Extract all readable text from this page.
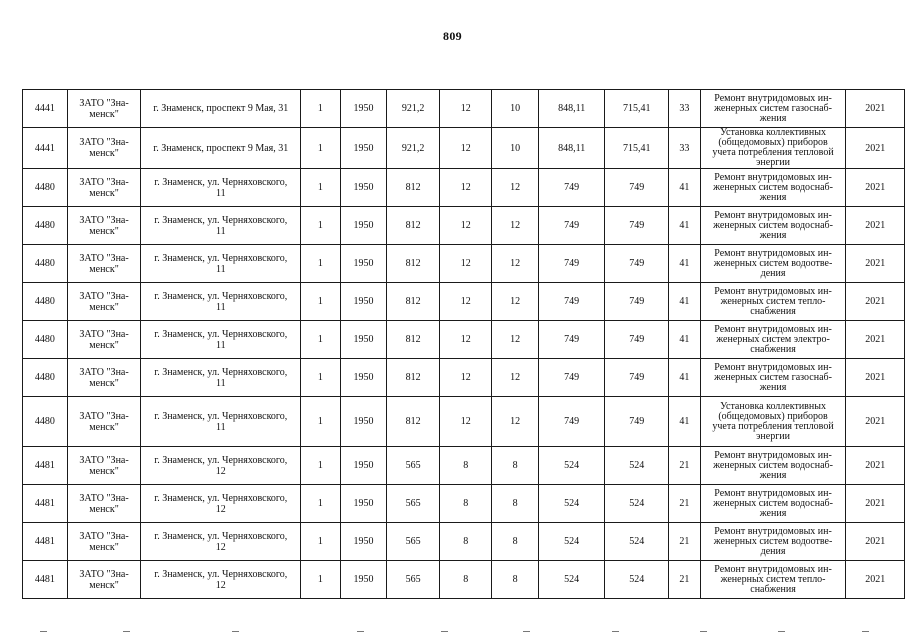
809
4441	ЗАТО "Зна-
менск"	г. Знаменск, проспект 9 Мая, 31	1	1950	921,2	12	10	848,11	715,41	33	Ремонт внутридомовых ин-
женерных систем газоснаб-
жения	2021
4441	ЗАТО "Зна-
менск"	г. Знаменск, проспект 9 Мая, 31	1	1950	921,2	12	10	848,11	715,41	33	Установка коллективных
(общедомовых) приборов
учета потребления тепловой
энергии	2021
4480	ЗАТО "Зна-
менск"	г. Знаменск, ул. Черняховского,
11	1	1950	812	12	12	749	749	41	Ремонт внутридомовых ин-
женерных систем водоснаб-
жения	2021
4480	ЗАТО "Зна-
менск"	г. Знаменск, ул. Черняховского,
11	1	1950	812	12	12	749	749	41	Ремонт внутридомовых ин-
женерных систем водоснаб-
жения	2021
4480	ЗАТО "Зна-
менск"	г. Знаменск, ул. Черняховского,
11	1	1950	812	12	12	749	749	41	Ремонт внутридомовых ин-
женерных систем водоотве-
дения	2021
4480	ЗАТО "Зна-
менск"	г. Знаменск, ул. Черняховского,
11	1	1950	812	12	12	749	749	41	Ремонт внутридомовых ин-
женерных систем тепло-
снабжения	2021
4480	ЗАТО "Зна-
менск"	г. Знаменск, ул. Черняховского,
11	1	1950	812	12	12	749	749	41	Ремонт внутридомовых ин-
женерных систем электро-
снабжения	2021
4480	ЗАТО "Зна-
менск"	г. Знаменск, ул. Черняховского,
11	1	1950	812	12	12	749	749	41	Ремонт внутридомовых ин-
женерных систем газоснаб-
жения	2021
4480	ЗАТО "Зна-
менск"	г. Знаменск, ул. Черняховского,
11	1	1950	812	12	12	749	749	41	Установка коллективных
(общедомовых) приборов
учета потребления тепловой
энергии	2021
4481	ЗАТО "Зна-
менск"	г. Знаменск, ул. Черняховского,
12	1	1950	565	8	8	524	524	21	Ремонт внутридомовых ин-
женерных систем водоснаб-
жения	2021
4481	ЗАТО "Зна-
менск"	г. Знаменск, ул. Черняховского,
12	1	1950	565	8	8	524	524	21	Ремонт внутридомовых ин-
женерных систем водоснаб-
жения	2021
4481	ЗАТО "Зна-
менск"	г. Знаменск, ул. Черняховского,
12	1	1950	565	8	8	524	524	21	Ремонт внутридомовых ин-
женерных систем водоотве-
дения	2021
4481	ЗАТО "Зна-
менск"	г. Знаменск, ул. Черняховского,
12	1	1950	565	8	8	524	524	21	Ремонт внутридомовых ин-
женерных систем тепло-
снабжения	2021
